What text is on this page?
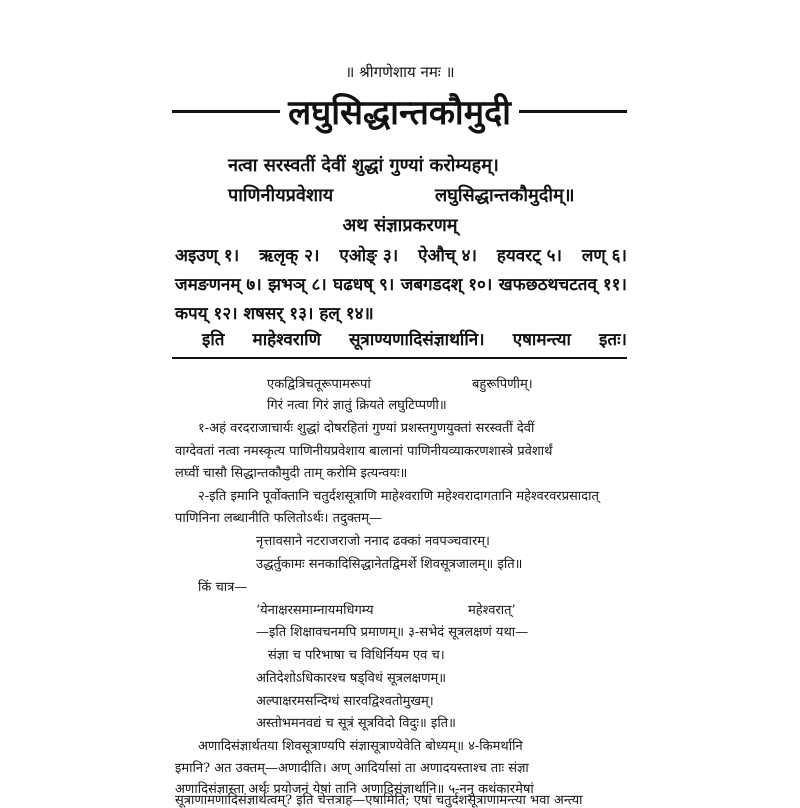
॥ श्रीगणेशाय नमः ॥
लघुसिद्धान्तकौमुदी
नत्वा सरस्वतीं देवीं शुद्धां गुण्यां करोम्यहम्।
पाणिनीयप्रवेशाय	लघुसिद्धान्तकौमुदीम्॥
अथ संज्ञाप्रकरणम्
अइउण् १। ऋलृक् २। एओङ् ३। ऐऔच् ४। हयवरट् ५। लण् ६।
जमङणनम् ७। झभञ् ८। घढधष् ९। जबगडदश् १०। खफछठथचटतव् ११।
कपय् १२। शषसर् १३। हल् १४॥
इति माहेश्वराणि सूत्राण्यणादिसंज्ञार्थानि। एषामन्त्या इतः।
एकद्वित्रिचतूरूपामरूपां	बहुरूपिणीम्।
गिरं नत्वा गिरं ज्ञातुं क्रियते लघुटिप्पणी॥
१-अहं वरदराजाचार्यः शुद्धां दोषरहितां गुण्यां प्रशस्तगुणयुक्तां सरस्वतीं देवीं
वाग्देवतां नत्वा नमस्कृत्य पाणिनीयप्रवेशाय बालानां पाणिनीयव्याकरणशास्त्रे प्रवेशार्थं
लघ्वीं चासौ सिद्धान्तकौमुदी ताम् करोमि इत्यन्वयः॥
२-इति इमानि पूर्वोक्तानि चतुर्दशसूत्राणि माहेश्वराणि महेश्वरादागतानि महेश्वरवरप्रसादात्
पाणिनिना लब्धानीति फलितोऽर्थः। तदुक्तम्—
नृत्तावसाने नटराजराजो ननाद ढक्कां नवपञ्चवारम्।
उद्धर्तुकामः सनकादिसिद्धानेतद्विमर्शे शिवसूत्रजालम्॥ इति॥
किं चात्र—
‘येनाक्षरसमाम्नायमधिगम्य	महेश्वरात्’
—इति शिक्षावचनमपि प्रमाणम्॥ ३-सभेदं सूत्रलक्षणं यथा—
संज्ञा च परिभाषा च विधिर्नियम एव च।
अतिदेशोऽधिकारश्च षड्विधं सूत्रलक्षणम्॥
अल्पाक्षरमसन्दिग्धं सारवद्विश्वतोमुखम्।
अस्तोभमनवद्यं च सूत्रं सूत्रविदो विदुः॥ इति॥
अणादिसंज्ञार्थतया शिवसूत्राण्यपि संज्ञासूत्राण्येवेति बोध्यम्॥ ४-किमर्थानि
इमानि? अत उक्तम्—अणादीति। अण् आदिर्यासां ता अणादयस्ताश्च ताः संज्ञा
अणादिसंज्ञास्ता अर्थः प्रयोजनं येषां तानि अणादिसंज्ञार्थानि॥ ५-ननु कथंकारमेषां
सूत्राणामणादिसंज्ञार्थत्वम्? इति चेत्तत्राह—एषामिति; एषां चतुर्दशसूत्राणामन्त्या भवा अन्त्या
